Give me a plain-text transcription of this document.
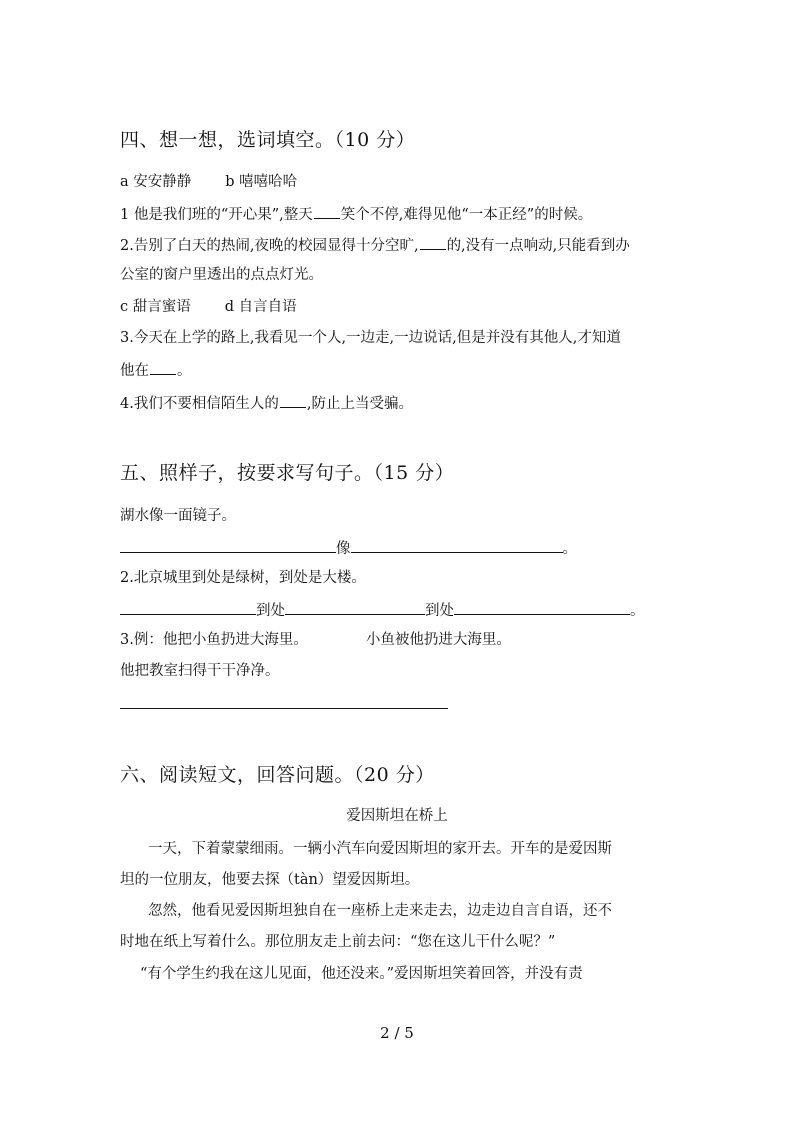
四、想一想，选词填空。（10 分）
a 安安静静 b 嘻嘻哈哈
1 他是我们班的“开心果”,整天 笑个不停,难得见他“一本正经”的时候。
2.告别了白天的热闹,夜晚的校园显得十分空旷, 的,没有一点响动,只能看到办
公室的窗户里透出的点点灯光。
c 甜言蜜语 d 自言自语
3.今天在上学的路上,我看见一个人,一边走,一边说话,但是并没有其他人,才知道
他在 。
4.我们不要相信陌生人的 ,防止上当受骗。
五、照样子，按要求写句子。（15 分）
湖水像一面镜子。
像	。
2.北京城里到处是绿树，到处是大楼。
到处	到处	。
3.例：他把小鱼扔进大海里。	小鱼被他扔进大海里。
他把教室扫得干干净净。
六、阅读短文，回答问题。（20 分）
爱因斯坦在桥上
一天，下着蒙蒙细雨。一辆小汽车向爱因斯坦的家开去。开车的是爱因斯
坦的一位朋友，他要去探（tàn）望爱因斯坦。
忽然，他看见爱因斯坦独自在一座桥上走来走去，边走边自言自语，还不
时地在纸上写着什么。那位朋友走上前去问：“您在这儿干什么呢？”
“有个学生约我在这儿见面，他还没来。”爱因斯坦笑着回答，并没有责
2 / 5
